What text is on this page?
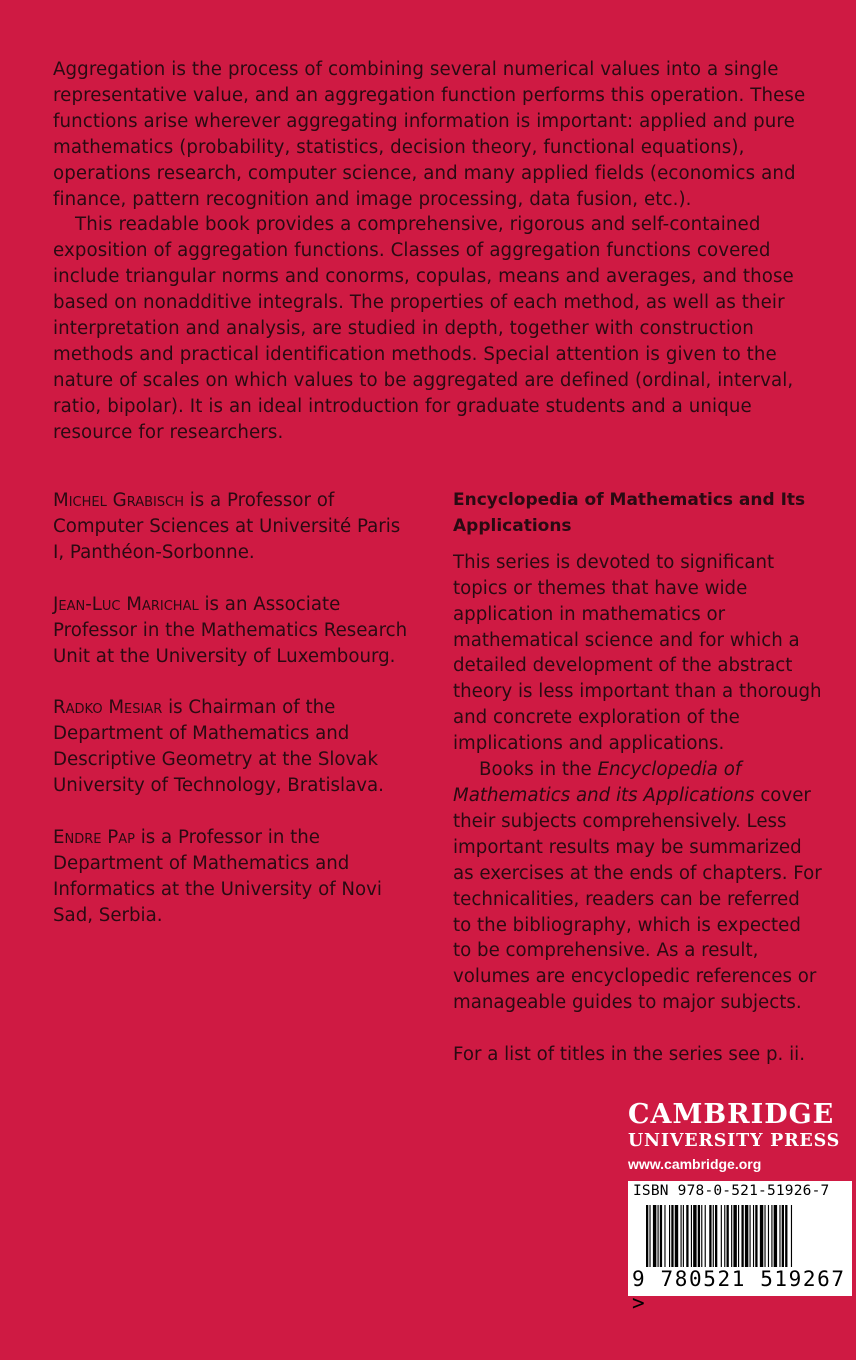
Aggregation is the process of combining several numerical values into a single representative value, and an aggregation function performs this operation. These functions arise wherever aggregating information is important: applied and pure mathematics (probability, statistics, decision theory, functional equations), operations research, computer science, and many applied fields (economics and finance, pattern recognition and image processing, data fusion, etc.).

This readable book provides a comprehensive, rigorous and self-contained exposition of aggregation functions. Classes of aggregation functions covered include triangular norms and conorms, copulas, means and averages, and those based on nonadditive integrals. The properties of each method, as well as their interpretation and analysis, are studied in depth, together with construction methods and practical identification methods. Special attention is given to the nature of scales on which values to be aggregated are defined (ordinal, interval, ratio, bipolar). It is an ideal introduction for graduate students and a unique resource for researchers.

Michel Grabisch is a Professor of Computer Sciences at Université Paris I, Panthéon-Sorbonne.

Jean-Luc Marichal is an Associate Professor in the Mathematics Research Unit at the University of Luxembourg.

Radko Mesiar is Chairman of the Department of Mathematics and Descriptive Geometry at the Slovak University of Technology, Bratislava.

Endre Pap is a Professor in the Department of Mathematics and Informatics at the University of Novi Sad, Serbia.

Encyclopedia of Mathematics and Its Applications

This series is devoted to significant topics or themes that have wide application in mathematics or mathematical science and for which a detailed development of the abstract theory is less important than a thorough and concrete exploration of the implications and applications.

Books in the Encyclopedia of Mathematics and its Applications cover their subjects comprehensively. Less important results may be summarized as exercises at the ends of chapters. For technicalities, readers can be referred to the bibliography, which is expected to be comprehensive. As a result, volumes are encyclopedic references or manageable guides to major subjects.

For a list of titles in the series see p. ii.

CAMBRIDGE
UNIVERSITY PRESS
www.cambridge.org
ISBN 978-0-521-51926-7
9 780521 519267 >
